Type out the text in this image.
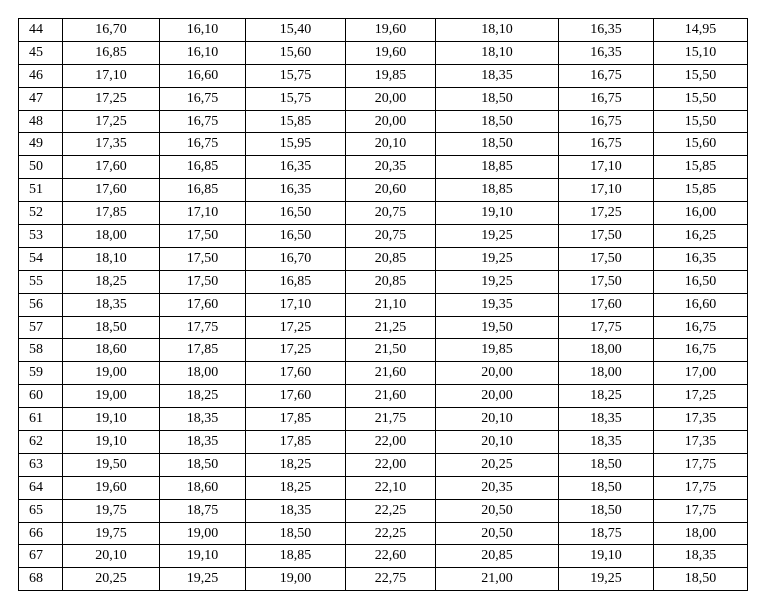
44	16,70	16,10	15,40	19,60	18,10	16,35	14,95
45	16,85	16,10	15,60	19,60	18,10	16,35	15,10
46	17,10	16,60	15,75	19,85	18,35	16,75	15,50
47	17,25	16,75	15,75	20,00	18,50	16,75	15,50
48	17,25	16,75	15,85	20,00	18,50	16,75	15,50
49	17,35	16,75	15,95	20,10	18,50	16,75	15,60
50	17,60	16,85	16,35	20,35	18,85	17,10	15,85
51	17,60	16,85	16,35	20,60	18,85	17,10	15,85
52	17,85	17,10	16,50	20,75	19,10	17,25	16,00
53	18,00	17,50	16,50	20,75	19,25	17,50	16,25
54	18,10	17,50	16,70	20,85	19,25	17,50	16,35
55	18,25	17,50	16,85	20,85	19,25	17,50	16,50
56	18,35	17,60	17,10	21,10	19,35	17,60	16,60
57	18,50	17,75	17,25	21,25	19,50	17,75	16,75
58	18,60	17,85	17,25	21,50	19,85	18,00	16,75
59	19,00	18,00	17,60	21,60	20,00	18,00	17,00
60	19,00	18,25	17,60	21,60	20,00	18,25	17,25
61	19,10	18,35	17,85	21,75	20,10	18,35	17,35
62	19,10	18,35	17,85	22,00	20,10	18,35	17,35
63	19,50	18,50	18,25	22,00	20,25	18,50	17,75
64	19,60	18,60	18,25	22,10	20,35	18,50	17,75
65	19,75	18,75	18,35	22,25	20,50	18,50	17,75
66	19,75	19,00	18,50	22,25	20,50	18,75	18,00
67	20,10	19,10	18,85	22,60	20,85	19,10	18,35
68	20,25	19,25	19,00	22,75	21,00	19,25	18,50
